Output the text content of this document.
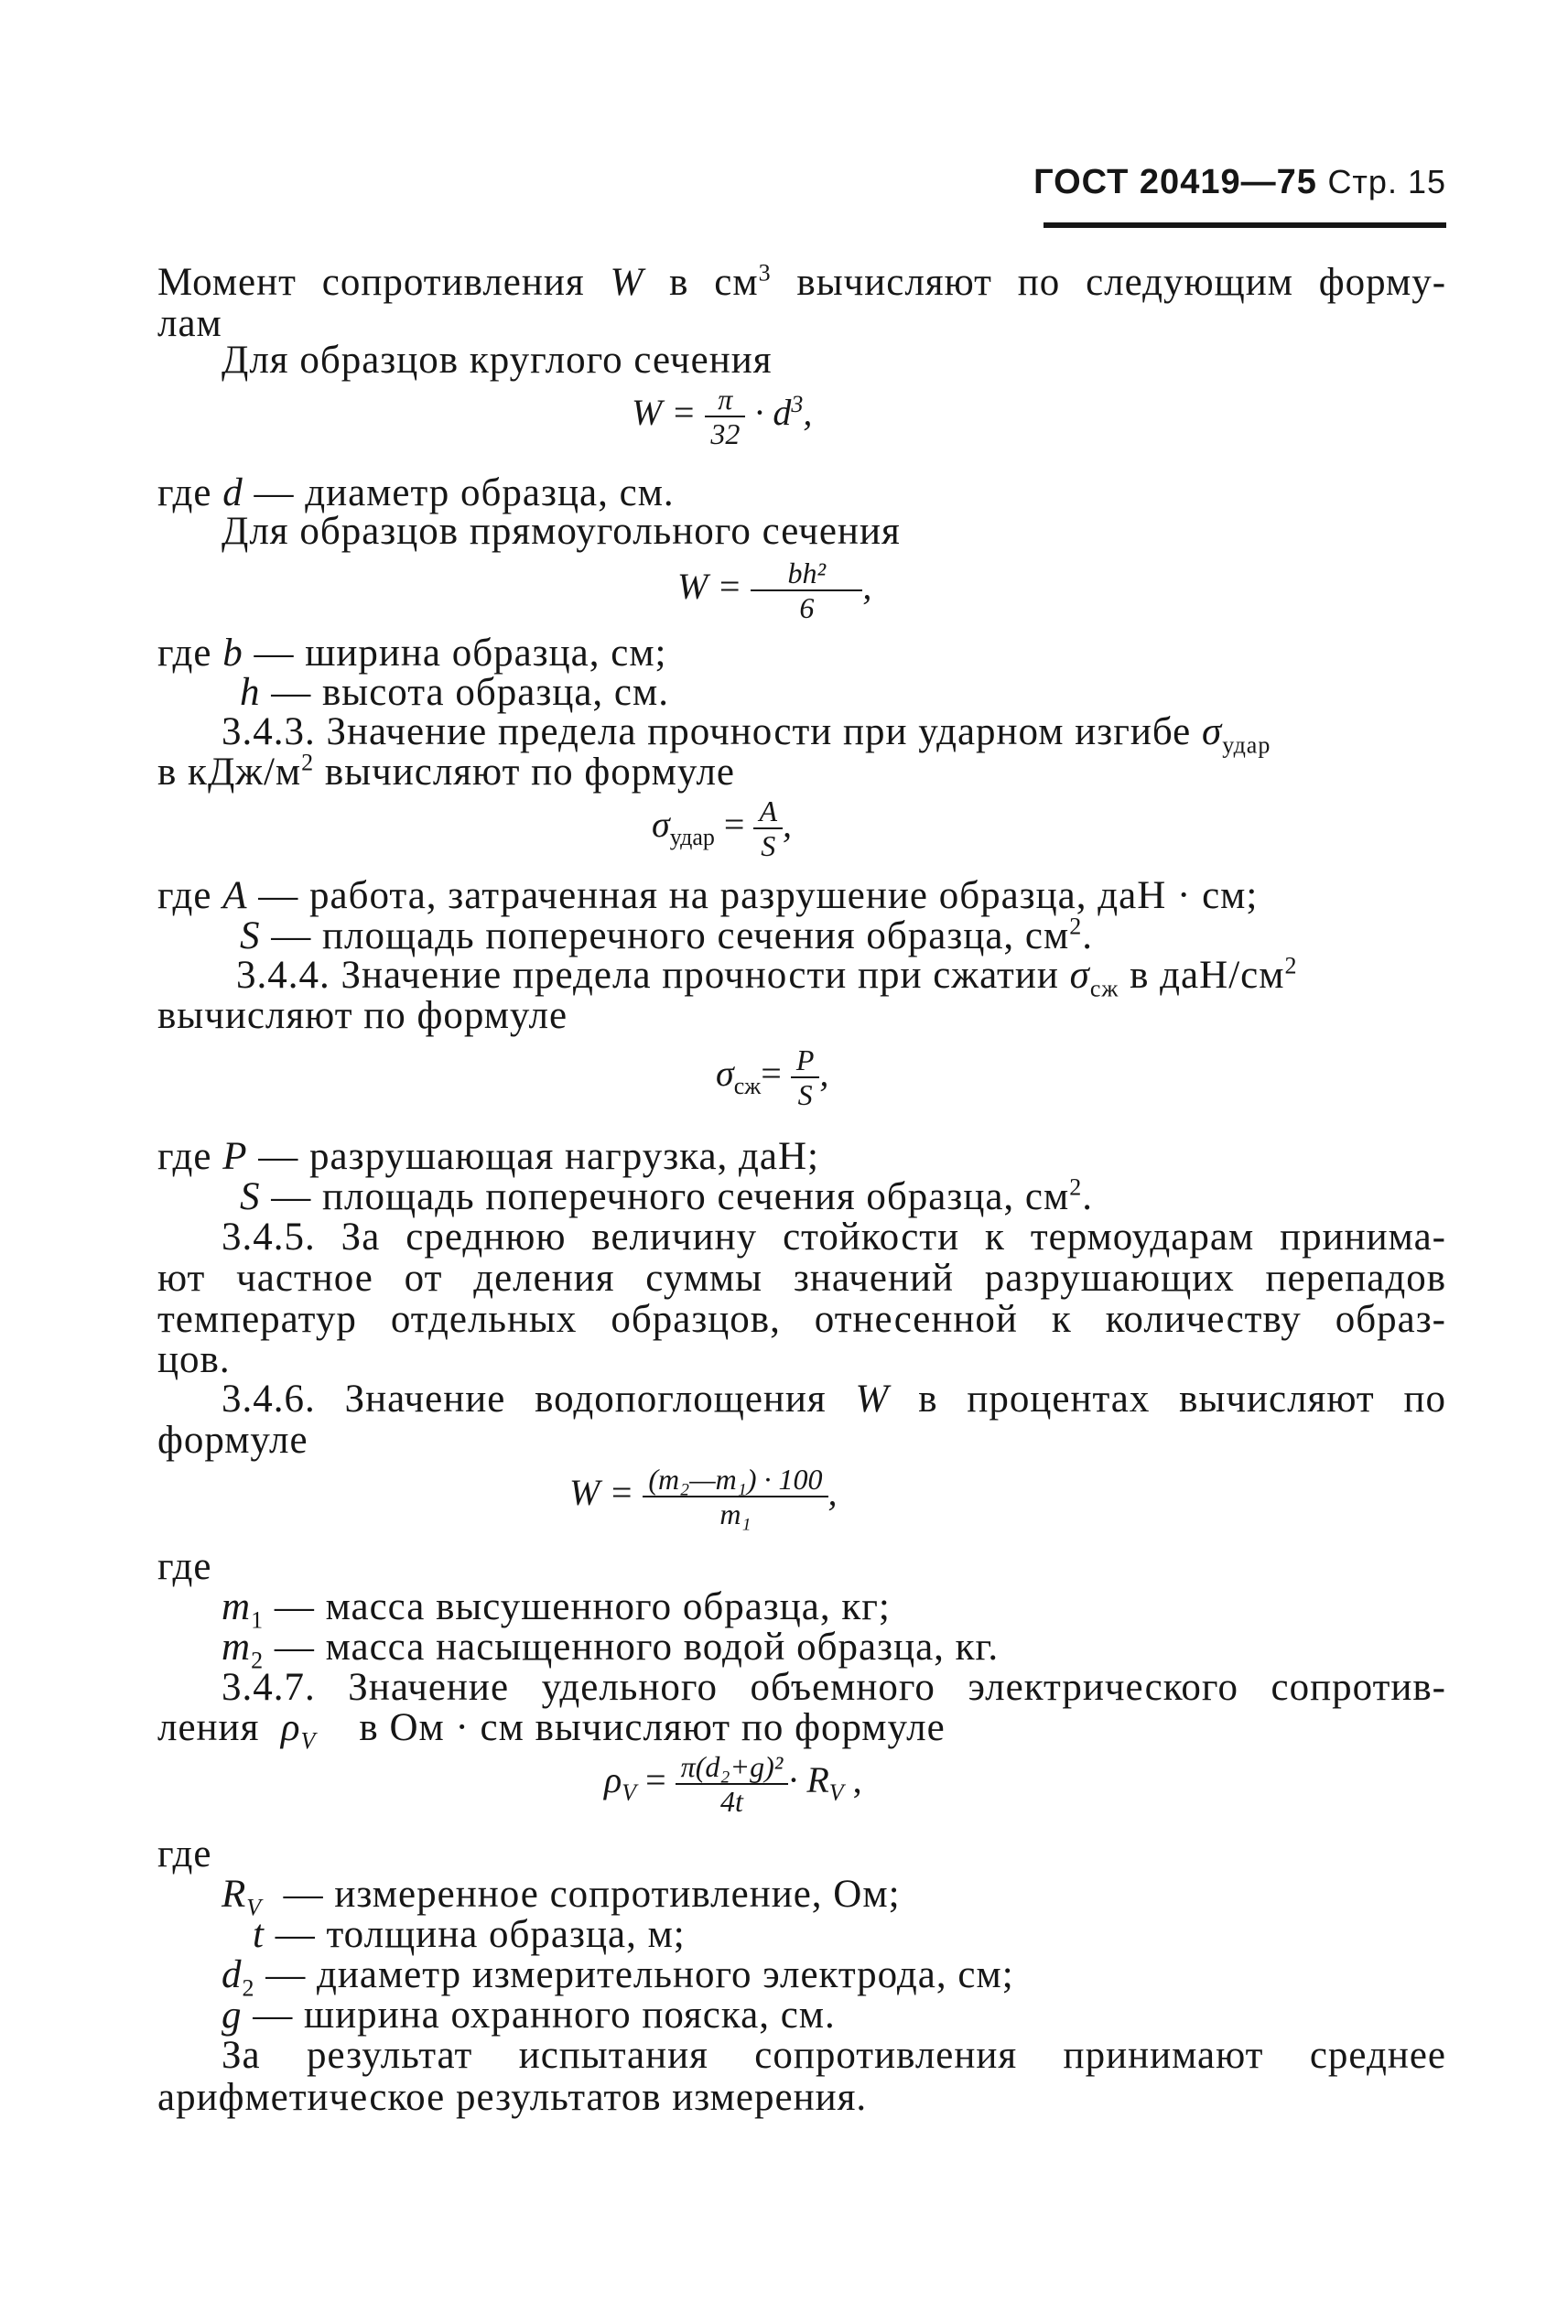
ГОСТ 20419—75 Стр. 15
Момент сопротивления W в $см^3$ вычисляют по следующим форму-
лам
Для образцов круглого сечения
$W = \frac{\pi}{32} \cdot d^3$,
где d — диаметр образца, см.
Для образцов прямоугольного сечения
$W = \frac{\text{bh²}}{6}$ ,
где b — ширина образца, см;
h — высота образца, см.
3.4.3. Значение предела прочности при ударном изгибе $\sigma_{удар}$
в кДж/$м^2$ вычисляют по формуле
$\sigma_{удар} = \frac{A}{S}$ ,
где A — работа, затраченная на разрушение образца, даН · см;
S — площадь поперечного сечения образца, $см^2$.
3.4.4. Значение предела прочности при сжатии $\sigma_{сж}$ в даН/$см^2$
вычисляют по формуле
$\sigma_{сж}= \frac{P}{S}$ ,
где P — разрушающая нагрузка, даН;
S — площадь поперечного сечения образца, $см^2$.
3.4.5. За среднюю величину стойкости к термоударам принима-
ют частное от деления суммы значений разрушающих перепадов
температур отдельных образцов, отнесенной к количеству образ-
цов.
3.4.6. Значение водопоглощения W в процентах вычисляют по
формуле
$W = \frac{\text{(m₂—m₁) · 100}}{\text{m₁}}$ ,
где
$m_1$ — масса высушенного образца, кг;
$m_2$ — масса насыщенного водой образца, кг.
3.4.7. Значение удельного объемного электрического сопротив-
ления $\rho_V$ в Ом · см вычисляют по формуле
$\rho_V = \frac{\text{π(d₂+g)²}}{4t} \cdot R_V$ ,
где
$R_V$ — измеренное сопротивление, Ом;
t — толщина образца, м;
$d_2$ — диаметр измерительного электрода, см;
g — ширина охранного пояска, см.
За результат испытания сопротивления принимают среднее
арифметическое результатов измерения.
